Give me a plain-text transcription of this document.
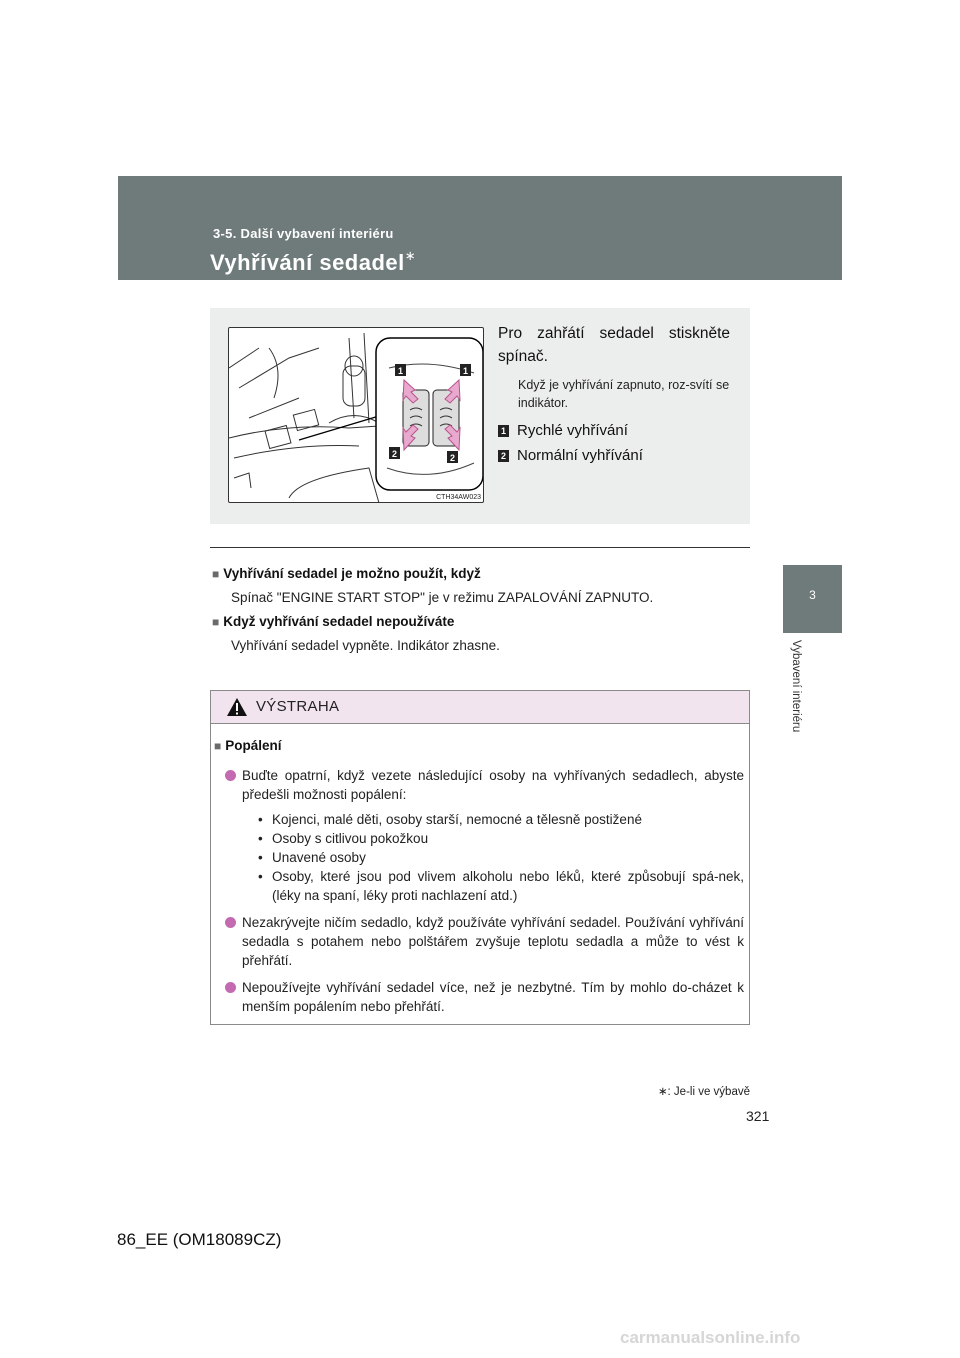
3-5. Další vybavení interiéru
Vyhřívání sedadel∗
3
Vybavení interiéru
1	1
2	2
CTH34AW023
Pro zahřátí sedadel stiskněte spínač.
Když je vyhřívání zapnuto, roz-svítí se indikátor.
1 Rychlé vyhřívání
2 Normální vyhřívání
■ Vyhřívání sedadel je možno použít, když
Spínač "ENGINE START STOP" je v režimu ZAPALOVÁNÍ ZAPNUTO.
■ Když vyhřívání sedadel nepoužíváte
Vyhřívání sedadel vypněte. Indikátor zhasne.
VÝSTRAHA
■ Popálení
Buďte opatrní, když vezete následující osoby na vyhřívaných sedadlech, abyste předešli možnosti popálení:
• Kojenci, malé děti, osoby starší, nemocné a tělesně postižené
• Osoby s citlivou pokožkou
• Unavené osoby
• Osoby, které jsou pod vlivem alkoholu nebo léků, které způsobují spá-nek, (léky na spaní, léky proti nachlazení atd.)
Nezakrývejte ničím sedadlo, když používáte vyhřívání sedadel. Používání vyhřívání sedadla s potahem nebo polštářem zvyšuje teplotu sedadla a může to vést k přehřátí.
Nepoužívejte vyhřívání sedadel více, než je nezbytné. Tím by mohlo do-cházet k menším popálením nebo přehřátí.
∗: Je-li ve výbavě
321
86_EE (OM18089CZ)
carmanualsonline.info
